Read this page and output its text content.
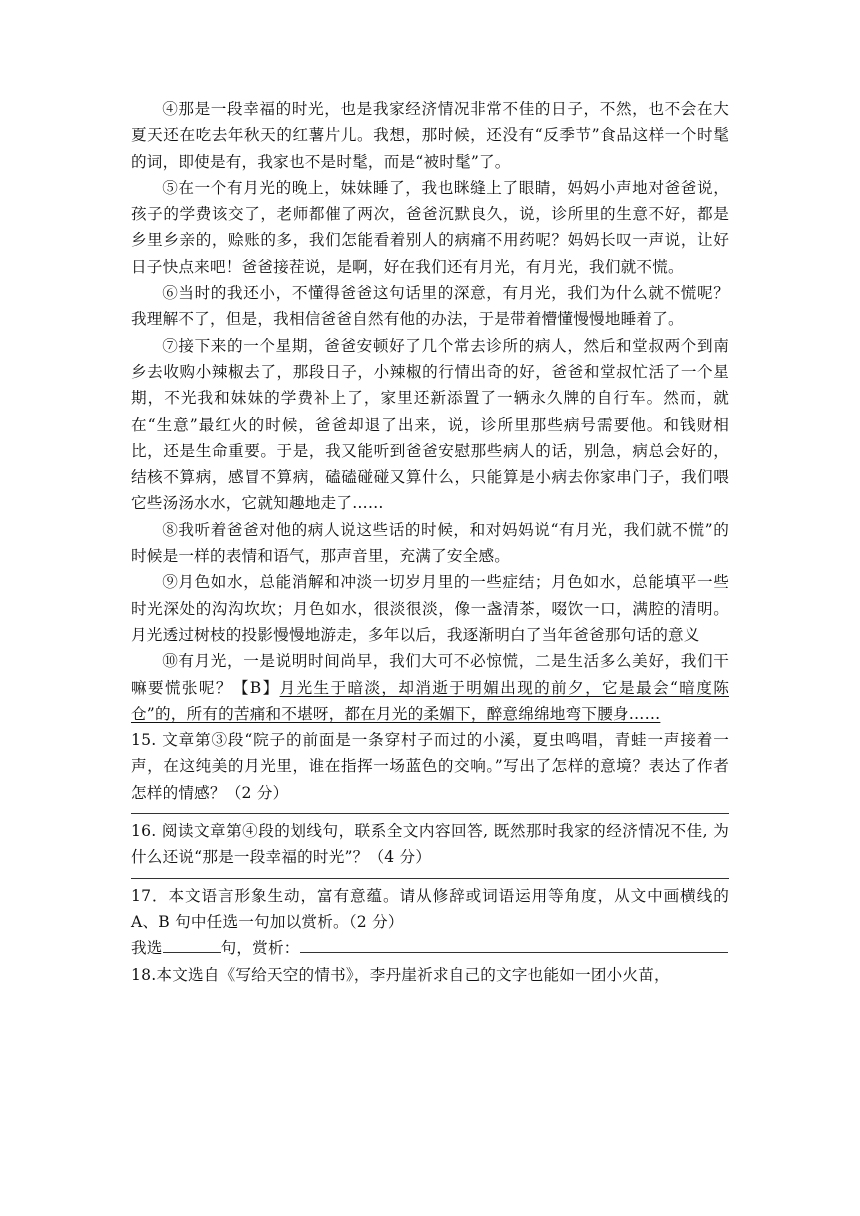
④那是一段幸福的时光，也是我家经济情况非常不佳的日子，不然，也不会在大夏天还在吃去年秋天的红薯片儿。我想，那时候，还没有“反季节”食品这样一个时髦的词，即使是有，我家也不是时髦，而是“被时髦”了。

⑤在一个有月光的晚上，妹妹睡了，我也眯缝上了眼睛，妈妈小声地对爸爸说，孩子的学费该交了，老师都催了两次，爸爸沉默良久，说，诊所里的生意不好，都是乡里乡亲的，赊账的多，我们怎能看着别人的病痛不用药呢？妈妈长叹一声说，让好日子快点来吧！爸爸接茬说，是啊，好在我们还有月光，有月光，我们就不慌。

⑥当时的我还小，不懂得爸爸这句话里的深意，有月光，我们为什么就不慌呢？我理解不了，但是，我相信爸爸自然有他的办法，于是带着懵懂慢慢地睡着了。

⑦接下来的一个星期，爸爸安顿好了几个常去诊所的病人，然后和堂叔两个到南乡去收购小辣椒去了，那段日子，小辣椒的行情出奇的好，爸爸和堂叔忙活了一个星期，不光我和妹妹的学费补上了，家里还新添置了一辆永久牌的自行车。然而，就在“生意”最红火的时候，爸爸却退了出来，说，诊所里那些病号需要他。和钱财相比，还是生命重要。于是，我又能听到爸爸安慰那些病人的话，别急，病总会好的，结核不算病，感冒不算病，磕磕碰碰又算什么，只能算是小病去你家串门子，我们喂它些汤汤水水，它就知趣地走了……

⑧我听着爸爸对他的病人说这些话的时候，和对妈妈说“有月光，我们就不慌”的时候是一样的表情和语气，那声音里，充满了安全感。

⑨月色如水，总能消解和冲淡一切岁月里的一些症结；月色如水，总能填平一些时光深处的沟沟坎坎；月色如水，很淡很淡，像一盏清茶，啜饮一口，满腔的清明。月光透过树枝的投影慢慢地游走，多年以后，我逐渐明白了当年爸爸那句话的意义

⑩有月光，一是说明时间尚早，我们大可不必惊慌，二是生活多么美好，我们干嘛要慌张呢？【B】月光生于暗淡，却消逝于明媚出现的前夕，它是最会“暗度陈仓”的，所有的苦痛和不堪呀，都在月光的柔媚下，醉意绵绵地弯下腰身……

15. 文章第③段“院子的前面是一条穿村子而过的小溪，夏虫鸣唱，青蛙一声接着一声，在这纯美的月光里，谁在指挥一场蓝色的交响。”写出了怎样的意境？表达了作者怎样的情感？（2 分）

16. 阅读文章第④段的划线句，联系全文内容回答, 既然那时我家的经济情况不佳, 为什么还说“那是一段幸福的时光”？（4 分）

17．本文语言形象生动，富有意蕴。请从修辞或词语运用等角度，从文中画横线的 A、B 句中任选一句加以赏析。（2 分）

我选	句，赏析：

18.本文选自《写给天空的情书》，李丹崖祈求自己的文字也能如一团小火苗，
